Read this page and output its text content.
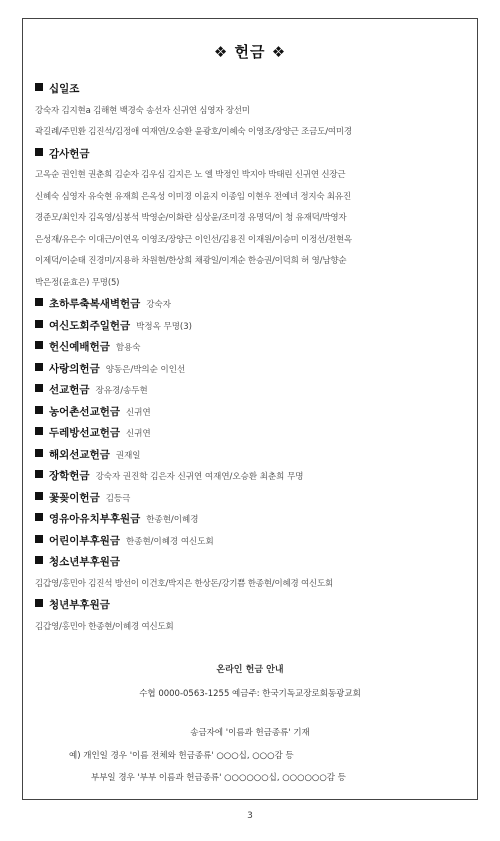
❖ 헌금 ❖
십일조
강숙자 김지현a 김해현 백경숙 송선자 신귀연 심영자 장선미
곽길례/주민환 김진석/김정애 여재연/오승환 윤광호/이혜숙 이영조/장양근 조금도/여미경
감사헌금
고옥순 권인현 권춘희 김순자 김우심 김지은 노 엘 박정인 박지아 박태린 신귀연 신장근
신혜숙 심영자 유숙현 유재희 은옥성 이미경 이윤지 이종임 이현우 전예녀 정지숙 최유진
경준모/최인자 김옥영/심봉석 박영순/이화란 심상윤/조미경 유명덕/이 청 유재덕/박영자
은성재/유은수 이대근/이연옥 이영조/장양근 이인선/김용진 이재원/이승미 이정선/전현옥
이제덕/이순태 진경미/지용하 차원현/한상희 채광일/이계순 한승권/이덕희 허 영/남향순
박은정(윤효은) 무명(5)
초하루축복새벽헌금 강숙자
여신도회주일헌금 박정옥 무명(3)
헌신예배헌금 함용숙
사랑의헌금 양동은/박의순 이인선
선교헌금 장유경/송두현
농어촌선교헌금 신귀연
두레방선교헌금 신귀연
해외선교헌금 권재일
장학헌금 강숙자 권진학 김은자 신귀연 여재연/오승환 최춘희 무명
꽃꽂이헌금 김등극
영유아유치부후원금 한종현/이혜경
어린이부후원금 한종현/이혜경 여신도회
청소년부후원금
김갑영/홍민아 김진석 방선이 이건호/박지은 한상돈/강기쁨 한종현/이혜경 여신도회
청년부후원금
김갑영/홍민아 한종현/이혜경 여신도회
온라인 헌금 안내
수협 0000-0563-1255 예금주: 한국기독교장로회동광교회
송금자에 '이름과 헌금종류' 기재
예) 개인일 경우 '이름 전체와 헌금종류' ○○○십, ○○○감 등
부부일 경우 '부부 이름과 헌금종류' ○○○○○○십, ○○○○○○감 등
3
